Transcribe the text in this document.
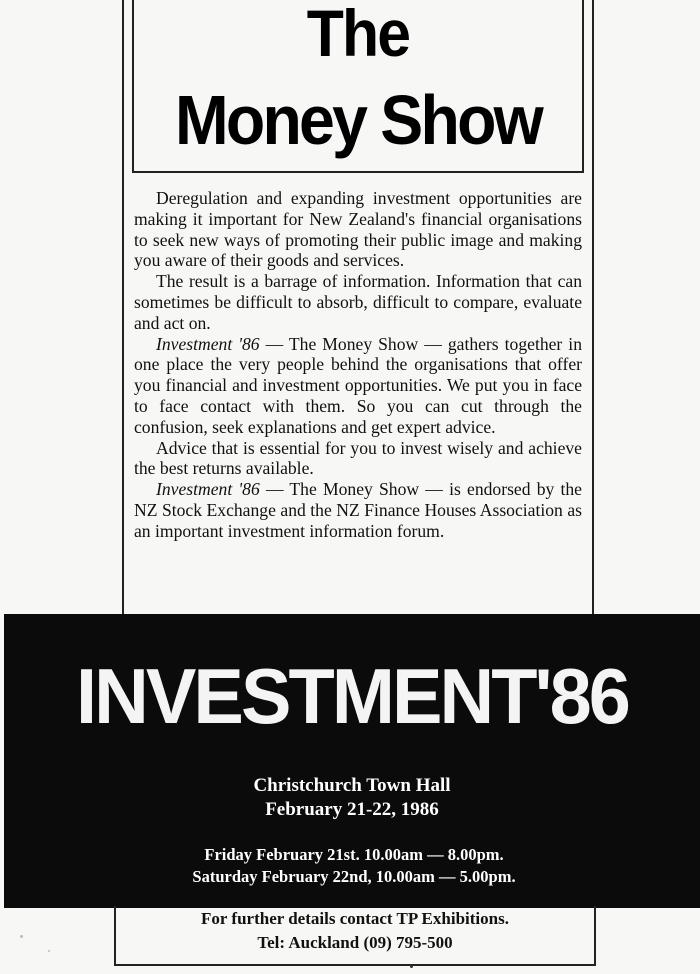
The
Money Show

Deregulation and expanding investment opportunities are making it important for New Zealand's financial organisations to seek new ways of promoting their public image and making you aware of their goods and services.

The result is a barrage of information. Information that can sometimes be difficult to absorb, difficult to compare, evaluate and act on.

Investment '86 — The Money Show — gathers together in one place the very people behind the organisations that offer you financial and investment opportunities. We put you in face to face contact with them. So you can cut through the confusion, seek explanations and get expert advice.

Advice that is essential for you to invest wisely and achieve the best returns available.

Investment '86 — The Money Show — is endorsed by the NZ Stock Exchange and the NZ Finance Houses Association as an important investment information forum.

INVESTMENT'86
Christchurch Town Hall
February 21-22, 1986
Friday February 21st. 10.00am — 8.00pm.
Saturday February 22nd, 10.00am — 5.00pm.
For further details contact TP Exhibitions.
Tel: Auckland (09) 795-500
